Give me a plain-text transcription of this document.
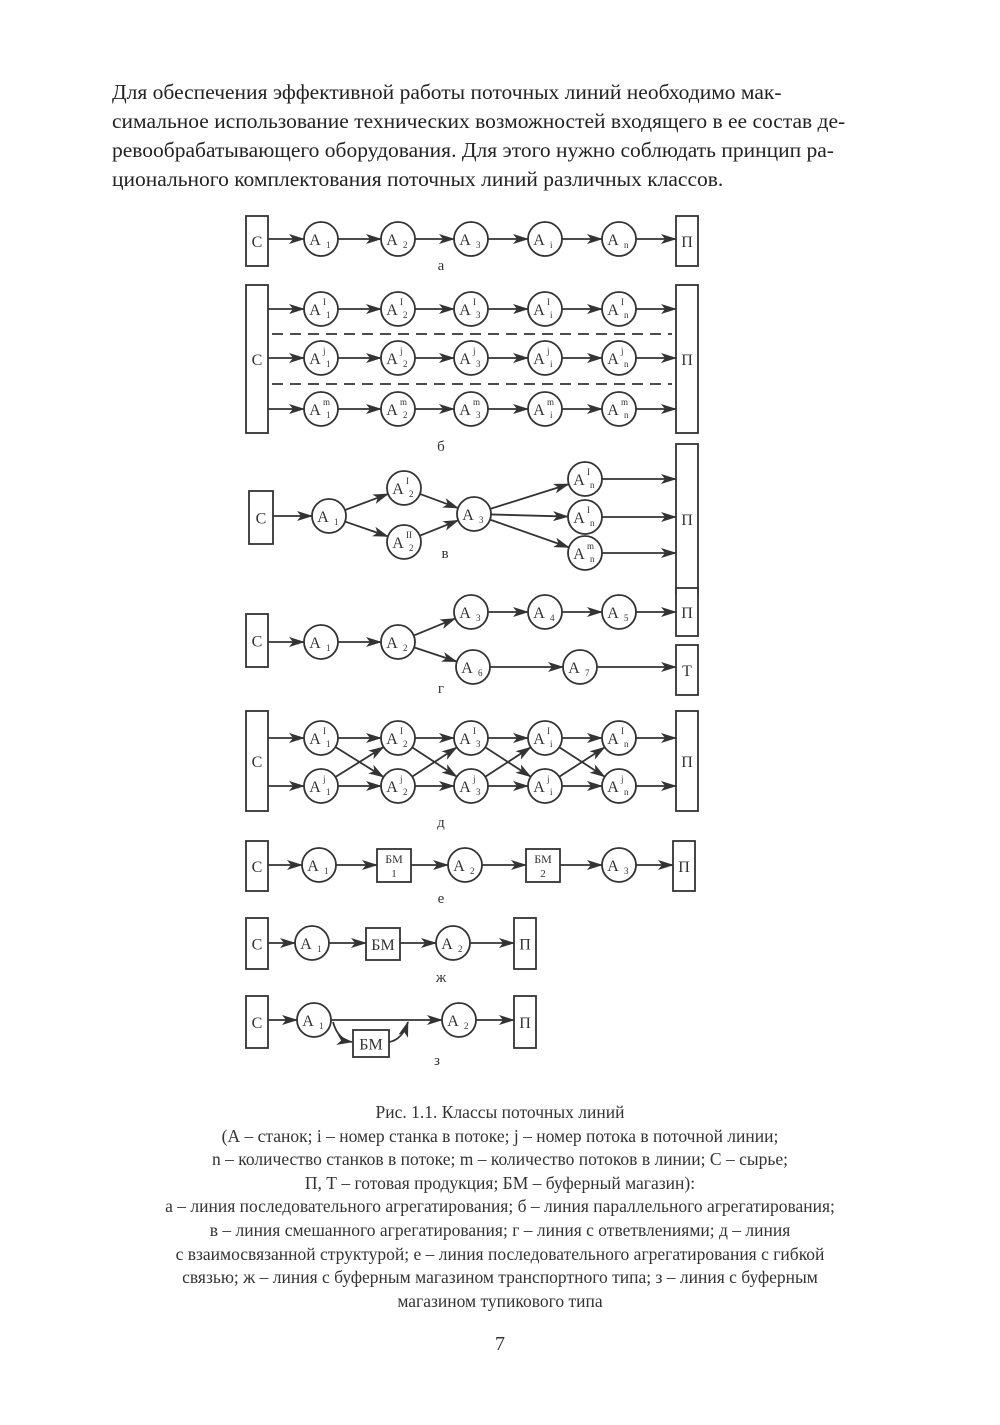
Для обеспечения эффективной работы поточных линий необходимо мак-
симальное использование технических возможностей входящего в ее состав де-
ревообрабатывающего оборудования. Для этого нужно соблюдать принцип ра-
ционального комплектования поточных линий различных классов.
С	П
A 1	A 2	A 3	A i	A n
а
С	П
A 1
I	A 2
I	A 3
I	A i
I	A n
I
A 1
j	A 2
j	A 3
j	A i
j	A n
j
A 1
m	A 2
m	A 3
m	A i
m	A n
m
б
С	П
A 1
A 2
I
A 2
II
A 3
A n
I
A n
I
A n
m
в
С
П
Т
A 1	A 2
A 3	A 4	A 5
A 6	A 7
г
С	П
A 1
I
A 1
j
A 2
I
A 2
j
A 3
I
A 3
j
A i
I
A i
j
A n
I
A n
j
д
С	П
БМ
1
БМ
2
A 1	A 2	A 3
е
С	П
БМ
A 1	A 2
ж
С	П
БМ
A 1	A 2
з
Рис. 1.1. Классы поточных линий
(А – станок; i – номер станка в потоке; j – номер потока в поточной линии;
n – количество станков в потоке; m – количество потоков в линии; С – сырье;
П, Т – готовая продукция; БМ – буферный магазин):
а – линия последовательного агрегатирования; б – линия параллельного агрегатирования;
в – линия смешанного агрегатирования; г – линия с ответвлениями; д – линия
с взаимосвязанной структурой; е – линия последовательного агрегатирования с гибкой
связью; ж – линия с буферным магазином транспортного типа; з – линия с буферным
магазином тупикового типа
7
